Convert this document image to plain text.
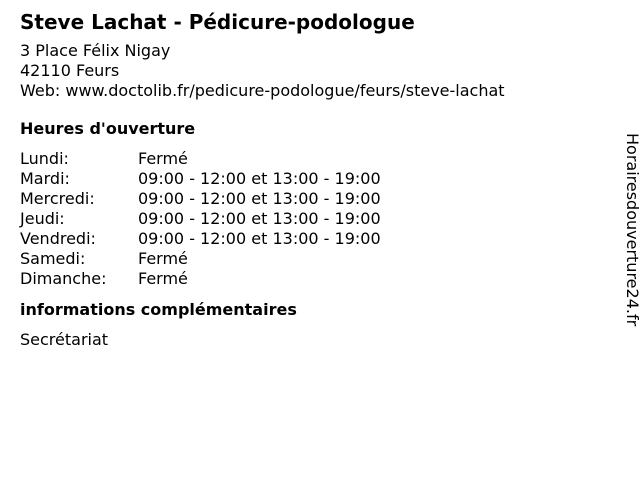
Steve Lachat - Pédicure-podologue
3 Place Félix Nigay
42110 Feurs
Web: www.doctolib.fr/pedicure-podologue/feurs/steve-lachat
Heures d'ouverture
Lundi:	Fermé
Mardi:	09:00 - 12:00 et 13:00 - 19:00
Mercredi:	09:00 - 12:00 et 13:00 - 19:00
Jeudi:	09:00 - 12:00 et 13:00 - 19:00
Vendredi:	09:00 - 12:00 et 13:00 - 19:00
Samedi:	Fermé
Dimanche:	Fermé
informations complémentaires
Secrétariat
Horairesdouverture24.fr
